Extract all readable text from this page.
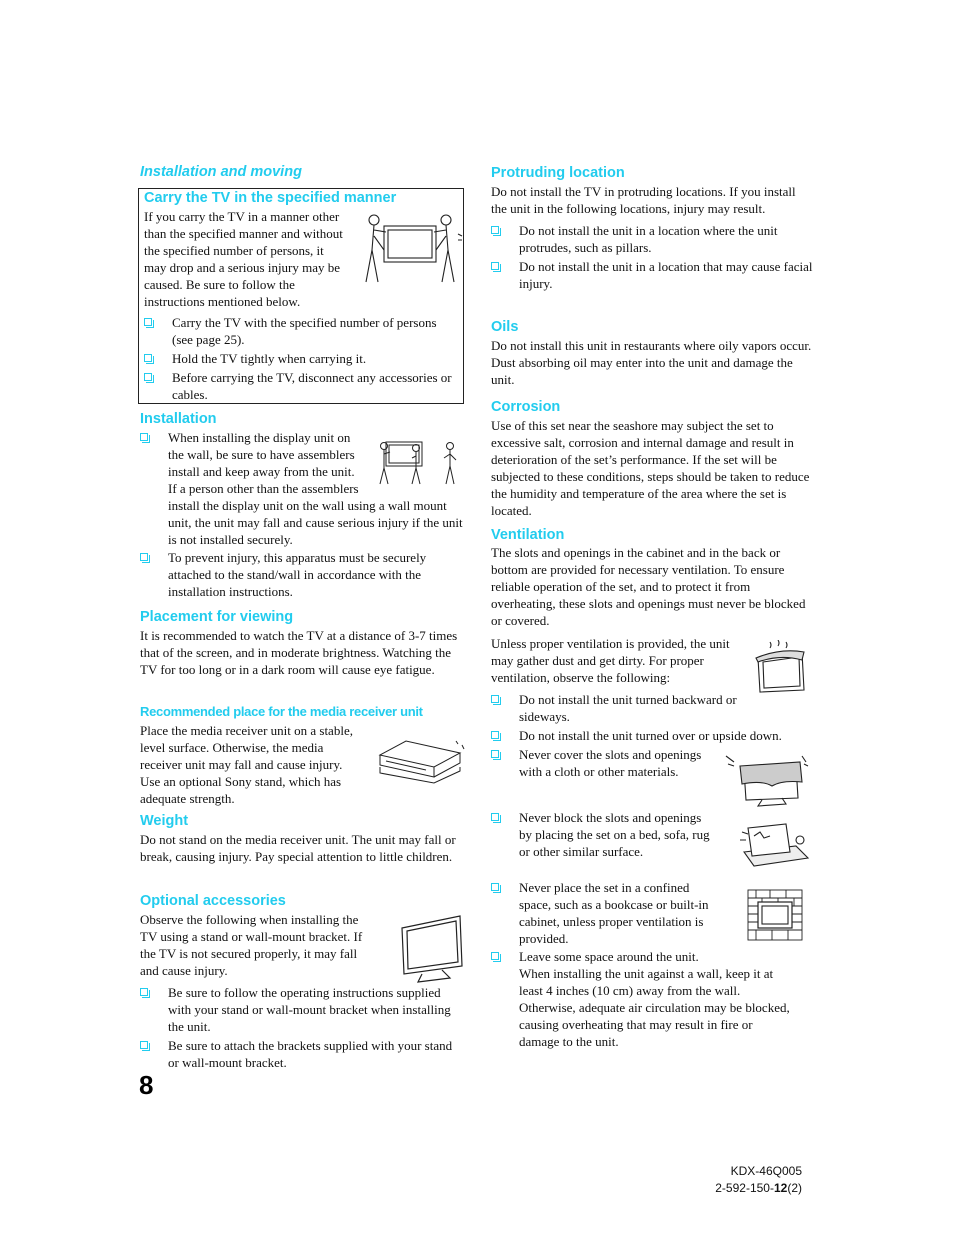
Installation and moving
Carry the TV in the specified manner
If you carry the TV in a manner other
than the specified manner and without
the specified number of persons, it
may drop and a serious injury may be
caused. Be sure to follow the
instructions mentioned below.

Carry the TV with the specified number of persons (see page 25).

Hold the TV tightly when carrying it.

Before carrying the TV, disconnect any accessories or cables.

Installation
When installing the display unit on
the wall, be sure to have assemblers
install and keep away from the unit.
If a person other than the assemblers
install the display unit on the wall using a wall mount unit, the unit may fall and cause serious injury if the unit is not installed securely.

To prevent injury, this apparatus must be securely attached to the stand/wall in accordance with the installation instructions.

Placement for viewing

It is recommended to watch the TV at a distance of 3-7 times that of the screen, and in moderate brightness. Watching the TV for too long or in a dark room will cause eye fatigue.

Recommended place for the media receiver unit
Place the media receiver unit on a stable,
level surface. Otherwise, the media
receiver unit may fall and cause injury.
Use an optional Sony stand, which has
adequate strength.
Weight

Do not stand on the media receiver unit. The unit may fall or break, causing injury. Pay special attention to little children.

Optional accessories
Observe the following when installing the
TV using a stand or wall-mount bracket. If
the TV is not secured properly, it may fall
and cause injury.

Be sure to follow the operating instructions supplied with your stand or wall-mount bracket when installing the unit.

Be sure to attach the brackets supplied with your stand or wall-mount bracket.

8
Protruding location

Do not install the TV in protruding locations. If you install the unit in the following locations, injury may result.

Do not install the unit in a location where the unit protrudes, such as pillars.

Do not install the unit in a location that may cause facial injury.

Oils

Do not install this unit in restaurants where oily vapors occur. Dust absorbing oil may enter into the unit and damage the unit.

Corrosion

Use of this set near the seashore may subject the set to excessive salt, corrosion and internal damage and result in deterioration of the set’s performance. If the set will be subjected to these conditions, steps should be taken to reduce the humidity and temperature of the area where the set is located.

Ventilation

The slots and openings in the cabinet and in the back or bottom are provided for necessary ventilation. To ensure reliable operation of the set, and to protect it from overheating, these slots and openings must never be blocked or covered.

Unless proper ventilation is provided, the unit
may gather dust and get dirty. For proper
ventilation, observe the following:
Do not install the unit turned backward or
sideways.
Do not install the unit turned over or upside down.
Never cover the slots and openings
with a cloth or other materials.
Never block the slots and openings
by placing the set on a bed, sofa, rug
or other similar surface.
Never place the set in a confined
space, such as a bookcase or built-in
cabinet, unless proper ventilation is
provided.
Leave some space around the unit.
When installing the unit against a wall, keep it at
least 4 inches (10 cm) away from the wall.
Otherwise, adequate air circulation may be blocked,
causing overheating that may result in fire or
damage to the unit.
KDX-46Q005
2-592-150-12(2)
